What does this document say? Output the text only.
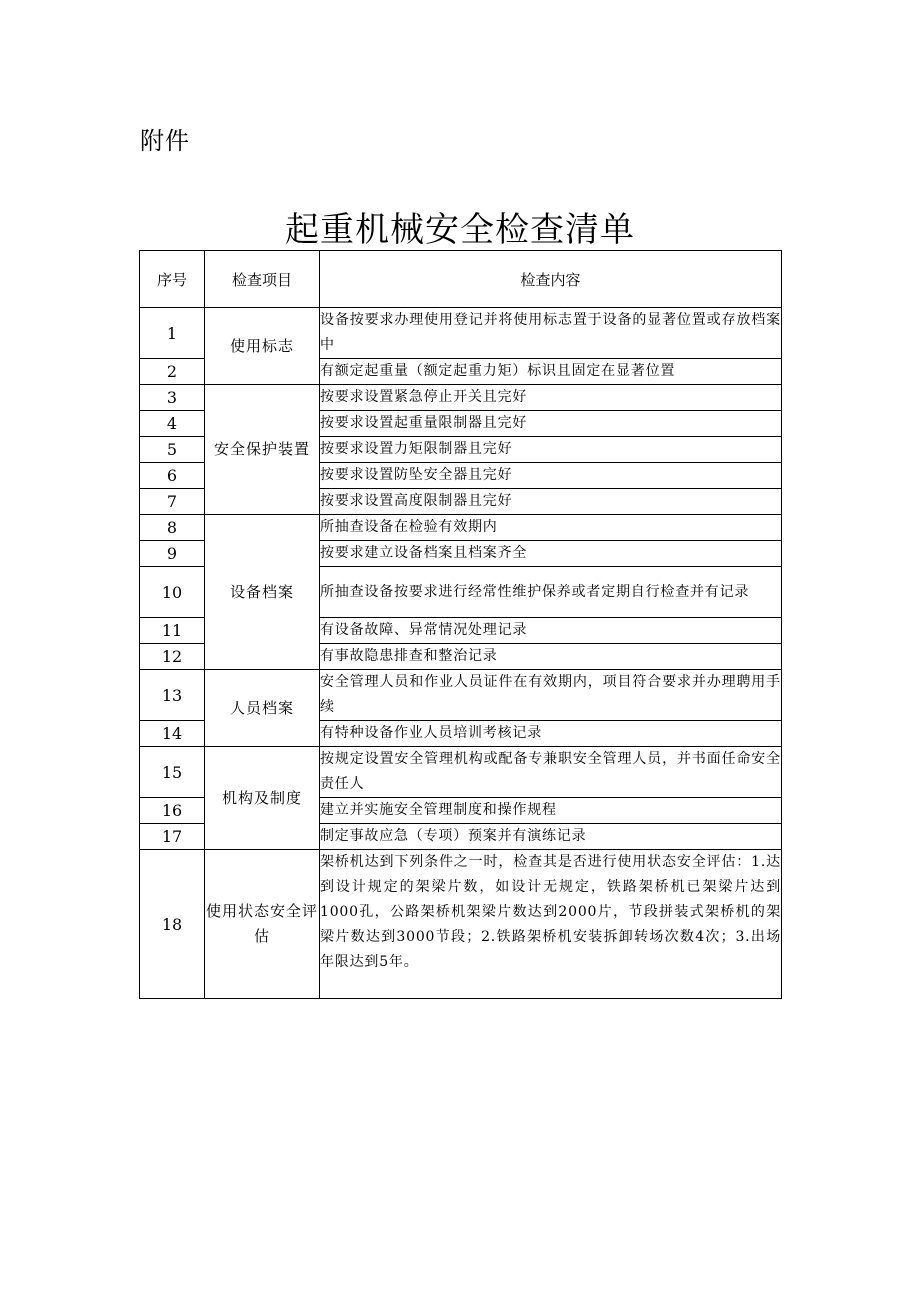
附件
起重机械安全检查清单
序号	检查项目	检查内容
1	使用标志	设备按要求办理使用登记并将使用标志置于设备的显著位置或存放档案中
2		有额定起重量（额定起重力矩）标识且固定在显著位置
3	安全保护装置	按要求设置紧急停止开关且完好
4		按要求设置起重量限制器且完好
5		按要求设置力矩限制器且完好
6		按要求设置防坠安全器且完好
7		按要求设置高度限制器且完好
8	设备档案	所抽查设备在检验有效期内
9		按要求建立设备档案且档案齐全
10		所抽查设备按要求进行经常性维护保养或者定期自行检查并有记录
11		有设备故障、异常情况处理记录
12		有事故隐患排查和整治记录
13	人员档案	安全管理人员和作业人员证件在有效期内，项目符合要求并办理聘用手续
14		有特种设备作业人员培训考核记录
15	机构及制度	按规定设置安全管理机构或配备专兼职安全管理人员，并书面任命安全责任人
16		建立并实施安全管理制度和操作规程
17		制定事故应急（专项）预案并有演练记录
18	使用状态安全评估	架桥机达到下列条件之一时，检查其是否进行使用状态安全评估：1.达到设计规定的架梁片数，如设计无规定，铁路架桥机已架梁片达到1000孔，公路架桥机架梁片数达到2000片，节段拼装式架桥机的架梁片数达到3000节段；2.铁路架桥机安装拆卸转场次数4次；3.出场年限达到5年。
